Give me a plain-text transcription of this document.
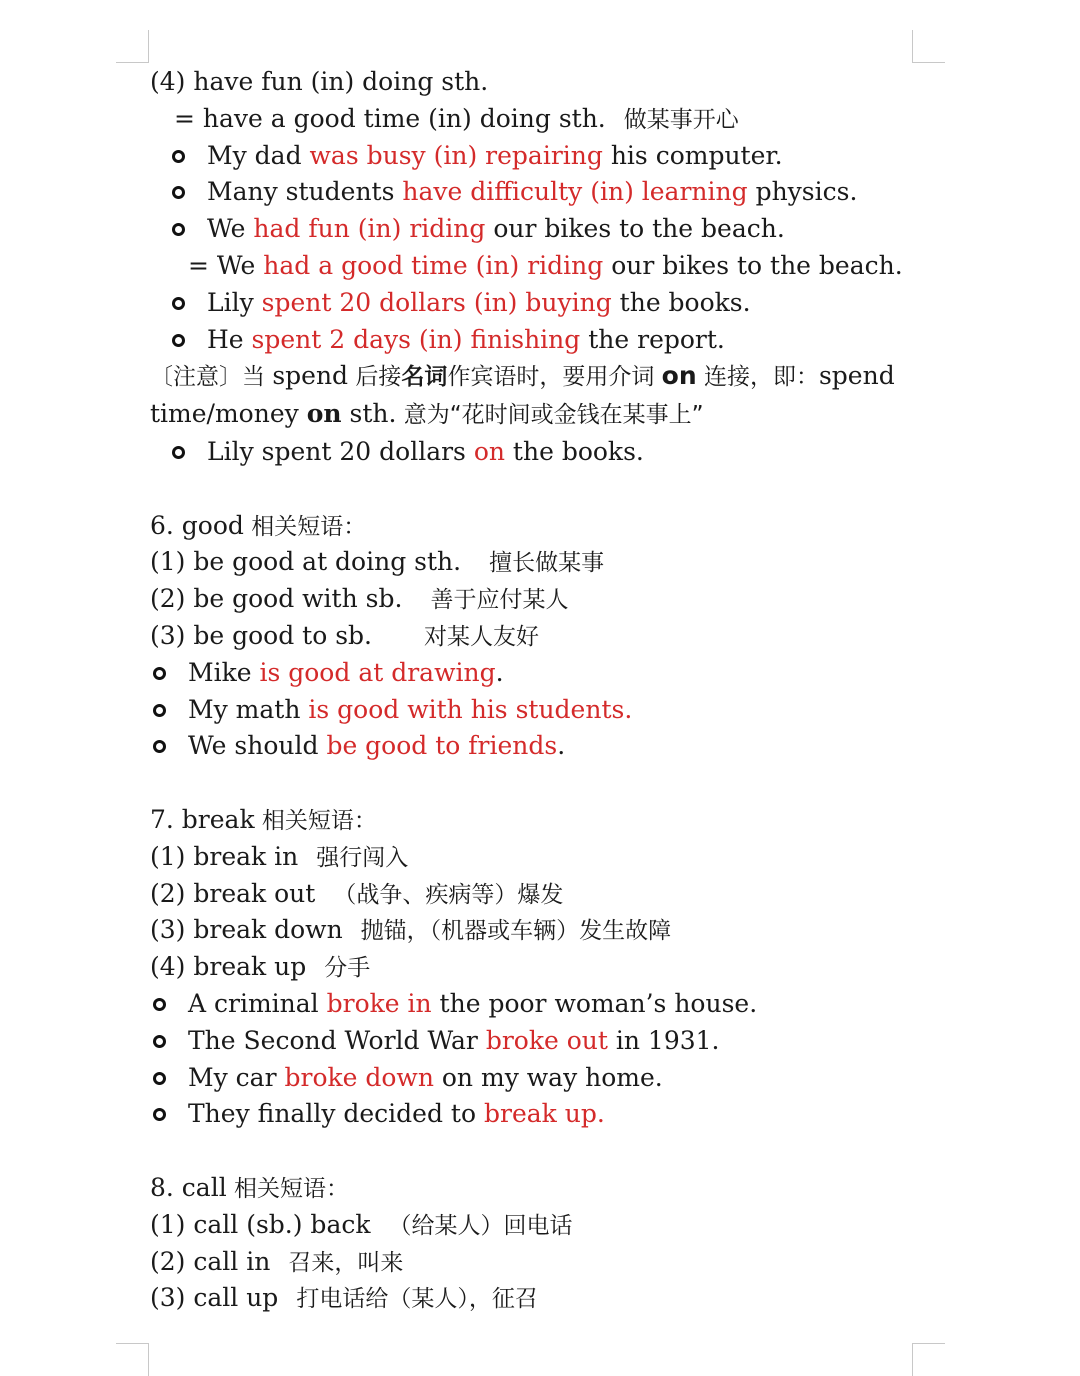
(4) have fun (in) doing sth.
= have a good time (in) doing sth. 做某事开心
My dad was busy (in) repairing his computer.
Many students have difficulty (in) learning physics.
We had fun (in) riding our bikes to the beach.
= We had a good time (in) riding our bikes to the beach.
Lily spent 20 dollars (in) buying the books.
He spent 2 days (in) finishing the report.
〔注意〕当 spend 后接名词作宾语时，要用介词 on 连接，即：spend time/money on sth. 意为“花时间或金钱在某事上”
Lily spent 20 dollars on the books.
6. good 相关短语：
(1) be good at doing sth. 擅长做某事
(2) be good with sb. 善于应付某人
(3) be good to sb. 对某人友好
Mike is good at drawing.
My math is good with his students.
We should be good to friends.
7. break 相关短语：
(1) break in 强行闯入
(2) break out （战争、疾病等）爆发
(3) break down 抛锚，（机器或车辆）发生故障
(4) break up 分手
A criminal broke in the poor woman’s house.
The Second World War broke out in 1931.
My car broke down on my way home.
They finally decided to break up.
8. call 相关短语：
(1) call (sb.) back （给某人）回电话
(2) call in 召来，叫来
(3) call up 打电话给（某人），征召
